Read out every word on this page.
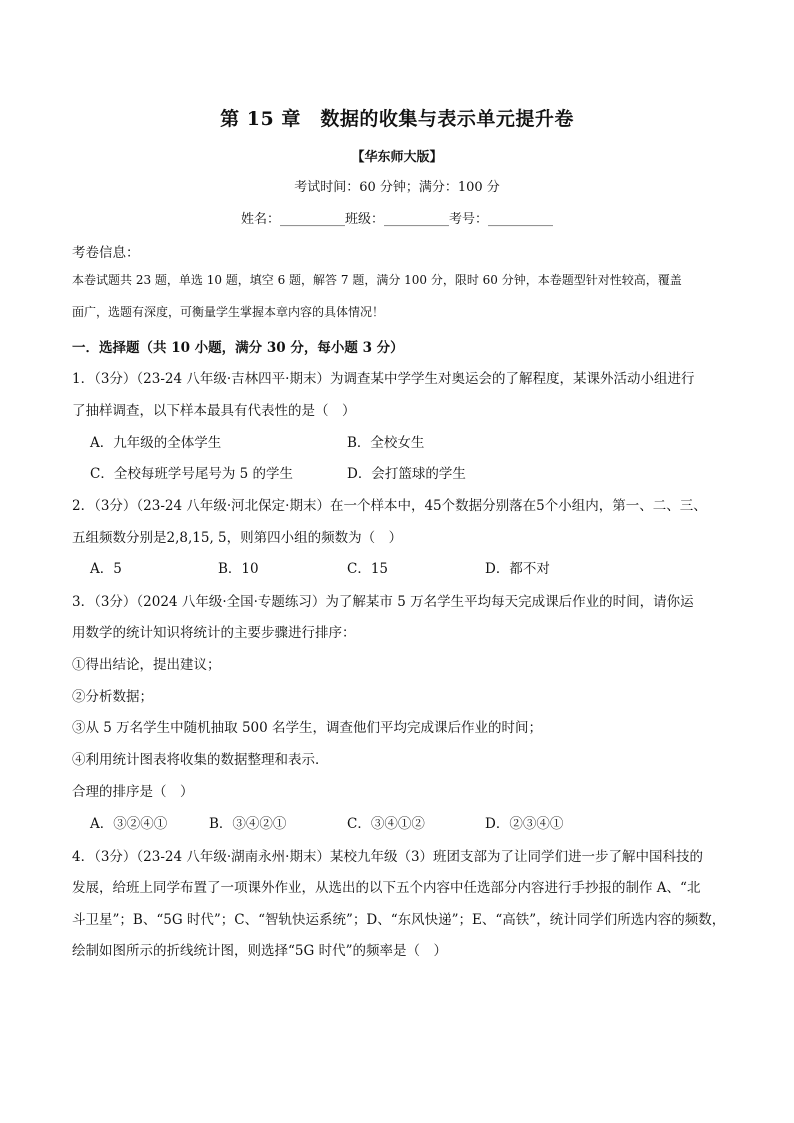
第 15 章　数据的收集与表示单元提升卷
【华东师大版】
考试时间：60 分钟；满分：100 分
姓名：__________班级：__________考号：__________
考卷信息：
本卷试题共 23 题，单选 10 题，填空 6 题，解答 7 题，满分 100 分，限时 60 分钟，本卷题型针对性较高，覆盖
面广，选题有深度，可衡量学生掌握本章内容的具体情况！
一．选择题（共 10 小题，满分 30 分，每小题 3 分）
1．（3分）（23-24 八年级·吉林四平·期末）为调查某中学学生对奥运会的了解程度，某课外活动小组进行
了抽样调查，以下样本最具有代表性的是（　）
A．九年级的全体学生	B．全校女生
C．全校每班学号尾号为 5 的学生	D．会打篮球的学生
2．（3分）（23-24 八年级·河北保定·期末）在一个样本中，45个数据分别落在5个小组内，第一、二、三、
五组频数分别是2,8,15, 5，则第四小组的频数为（　）
A．5	B．10	C．15	D．都不对
3．（3分）（2024 八年级·全国·专题练习）为了解某市 5 万名学生平均每天完成课后作业的时间，请你运
用数学的统计知识将统计的主要步骤进行排序：
①得出结论，提出建议；
②分析数据；
③从 5 万名学生中随机抽取 500 名学生，调查他们平均完成课后作业的时间；
④利用统计图表将收集的数据整理和表示．
合理的排序是（　）
A．③②④①	B．③④②①	C．③④①②	D．②③④①
4．（3分）（23-24 八年级·湖南永州·期末）某校九年级（3）班团支部为了让同学们进一步了解中国科技的
发展，给班上同学布置了一项课外作业，从选出的以下五个内容中任选部分内容进行手抄报的制作 A、“北
斗卫星”；B、“5G 时代”；C、“智轨快运系统”；D、“东风快递”；E、“高铁”，统计同学们所选内容的频数，
绘制如图所示的折线统计图，则选择“5G 时代”的频率是（　）
